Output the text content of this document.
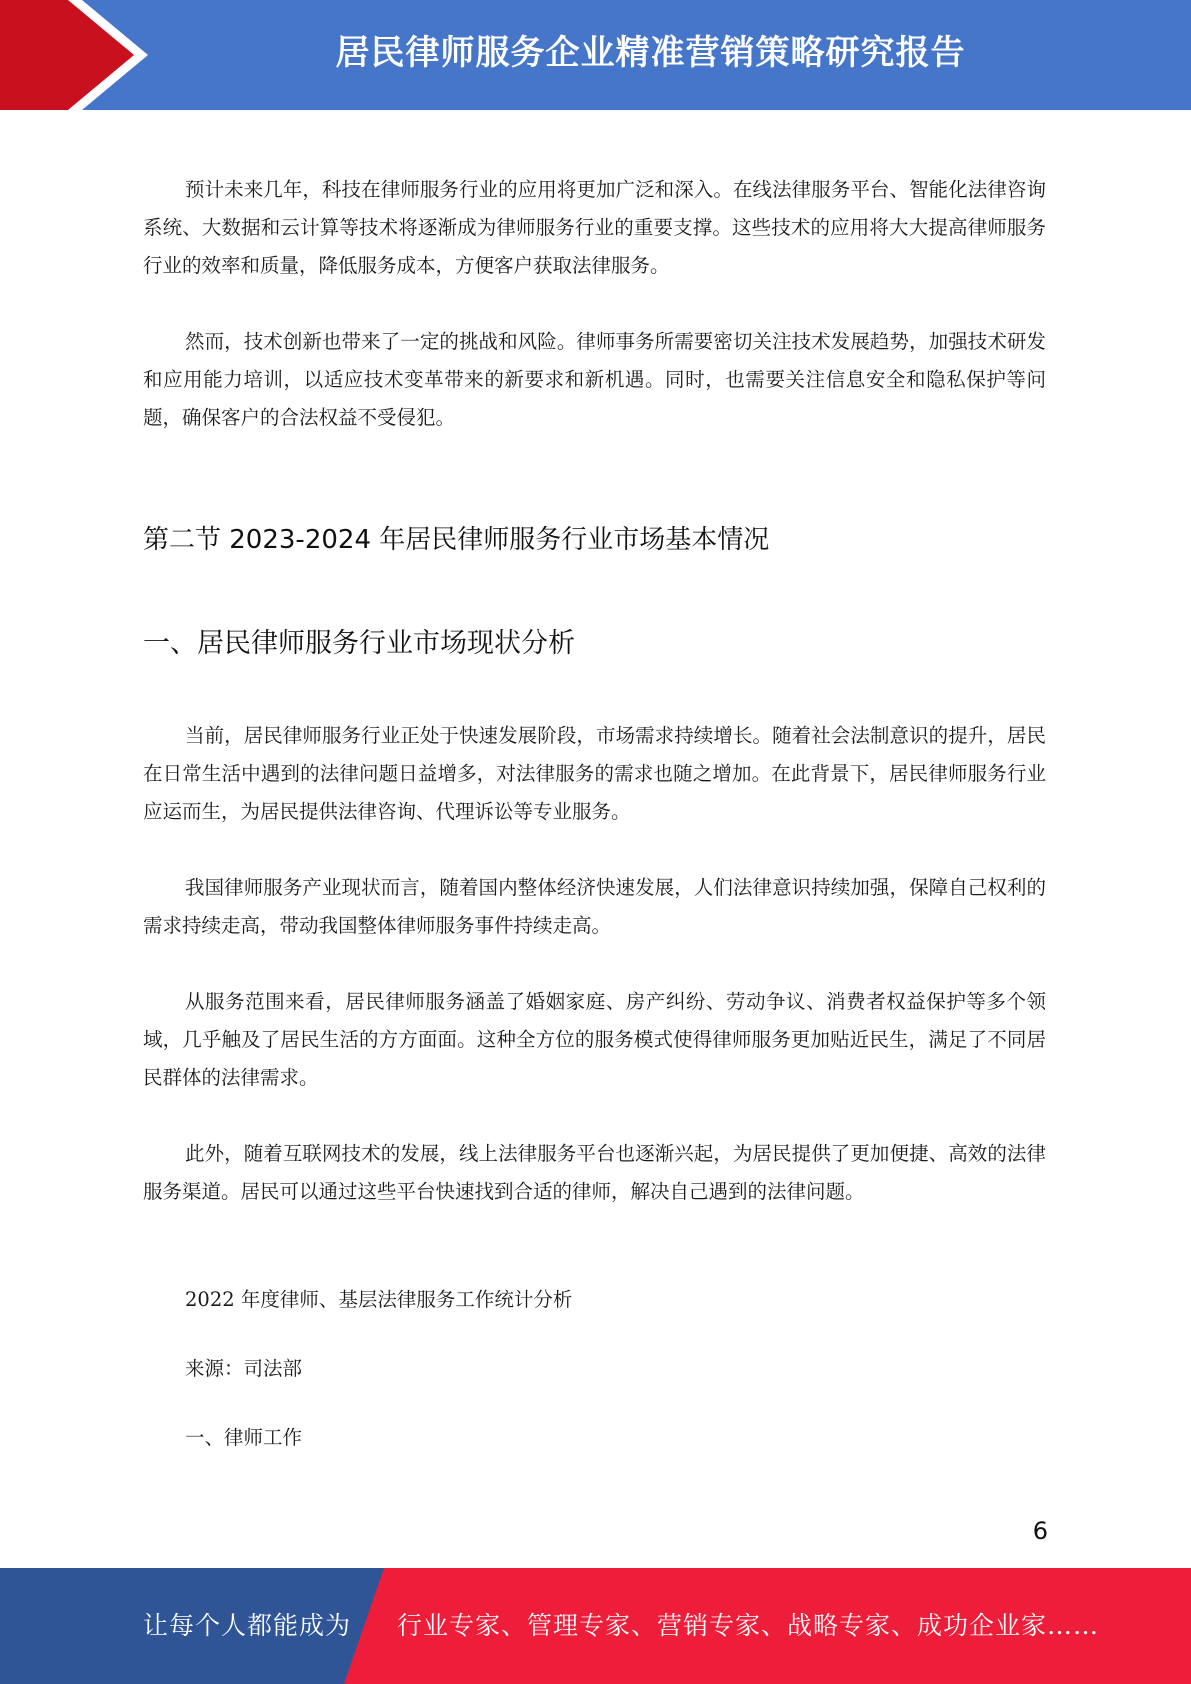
居民律师服务企业精准营销策略研究报告

预计未来几年，科技在律师服务行业的应用将更加广泛和深入。在线法律服务平台、智能化法律咨询系统、大数据和云计算等技术将逐渐成为律师服务行业的重要支撑。这些技术的应用将大大提高律师服务行业的效率和质量，降低服务成本，方便客户获取法律服务。

然而，技术创新也带来了一定的挑战和风险。律师事务所需要密切关注技术发展趋势，加强技术研发和应用能力培训，以适应技术变革带来的新要求和新机遇。同时，也需要关注信息安全和隐私保护等问题，确保客户的合法权益不受侵犯。

第二节 2023-2024 年居民律师服务行业市场基本情况
一、居民律师服务行业市场现状分析

当前，居民律师服务行业正处于快速发展阶段，市场需求持续增长。随着社会法制意识的提升，居民在日常生活中遇到的法律问题日益增多，对法律服务的需求也随之增加。在此背景下，居民律师服务行业应运而生，为居民提供法律咨询、代理诉讼等专业服务。

我国律师服务产业现状而言，随着国内整体经济快速发展，人们法律意识持续加强，保障自己权利的需求持续走高，带动我国整体律师服务事件持续走高。

从服务范围来看，居民律师服务涵盖了婚姻家庭、房产纠纷、劳动争议、消费者权益保护等多个领域，几乎触及了居民生活的方方面面。这种全方位的服务模式使得律师服务更加贴近民生，满足了不同居民群体的法律需求。

此外，随着互联网技术的发展，线上法律服务平台也逐渐兴起，为居民提供了更加便捷、高效的法律服务渠道。居民可以通过这些平台快速找到合适的律师，解决自己遇到的法律问题。

2022 年度律师、基层法律服务工作统计分析

来源：司法部

一、律师工作

6
让每个人都能成为 行业专家、管理专家、营销专家、战略专家、成功企业家……
